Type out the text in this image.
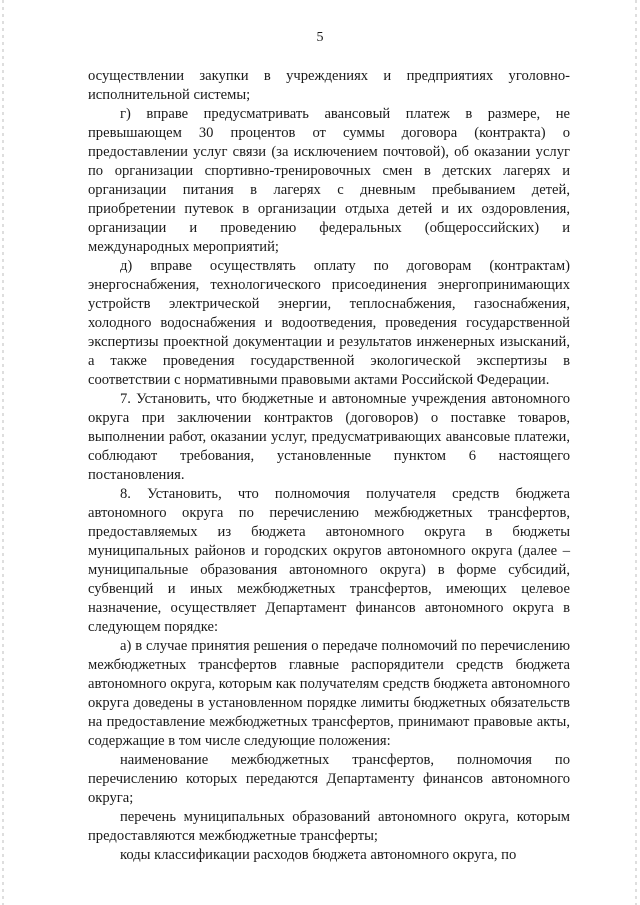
5

осуществлении закупки в учреждениях и предприятиях уголовно-исполнительной системы;

г) вправе предусматривать авансовый платеж в размере, не превышающем 30 процентов от суммы договора (контракта) о предоставлении услуг связи (за исключением почтовой), об оказании услуг по организации спортивно-тренировочных смен в детских лагерях и организации питания в лагерях с дневным пребыванием детей, приобретении путевок в организации отдыха детей и их оздоровления, организации и проведению федеральных (общероссийских) и международных мероприятий;

д) вправе осуществлять оплату по договорам (контрактам) энергоснабжения, технологического присоединения энергопринимающих устройств электрической энергии, теплоснабжения, газоснабжения, холодного водоснабжения и водоотведения, проведения государственной экспертизы проектной документации и результатов инженерных изысканий, а также проведения государственной экологической экспертизы в соответствии с нормативными правовыми актами Российской Федерации.

7. Установить, что бюджетные и автономные учреждения автономного округа при заключении контрактов (договоров) о поставке товаров, выполнении работ, оказании услуг, предусматривающих авансовые платежи, соблюдают требования, установленные пунктом 6 настоящего постановления.

8. Установить, что полномочия получателя средств бюджета автономного округа по перечислению межбюджетных трансфертов, предоставляемых из бюджета автономного округа в бюджеты муниципальных районов и городских округов автономного округа (далее – муниципальные образования автономного округа) в форме субсидий, субвенций и иных межбюджетных трансфертов, имеющих целевое назначение, осуществляет Департамент финансов автономного округа в следующем порядке:

а) в случае принятия решения о передаче полномочий по перечислению межбюджетных трансфертов главные распорядители средств бюджета автономного округа, которым как получателям средств бюджета автономного округа доведены в установленном порядке лимиты бюджетных обязательств на предоставление межбюджетных трансфертов, принимают правовые акты, содержащие в том числе следующие положения:

наименование межбюджетных трансфертов, полномочия по перечислению которых передаются Департаменту финансов автономного округа;

перечень муниципальных образований автономного округа, которым предоставляются межбюджетные трансферты;

коды классификации расходов бюджета автономного округа, по
